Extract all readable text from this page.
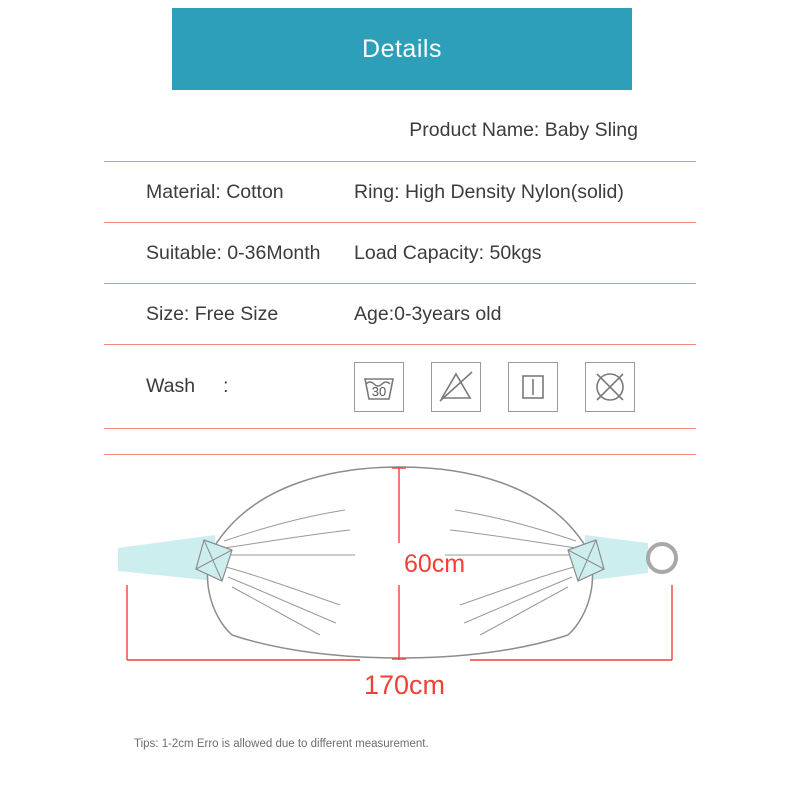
Details
Product Name: Baby Sling
Material: Cotton	Ring: High Density Nylon(solid)
Suitable: 0-36Month	Load Capacity: 50kgs
Size: Free Size	Age:0-3years old
Wash :	30
60cm
170cm
Tips: 1-2cm Erro is allowed due to different measurement.
